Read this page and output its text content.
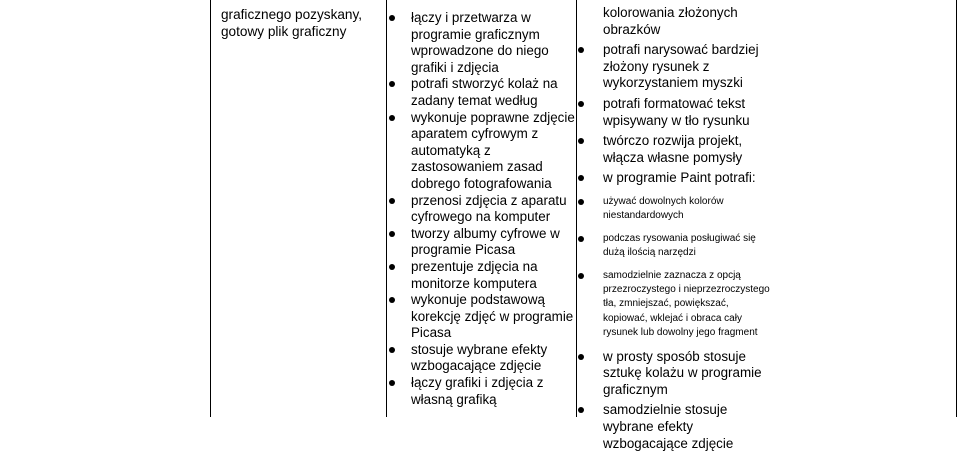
graficznego pozyskany, gotowy plik graficzny
łączy i przetwarza w programie graficznym wprowadzone do niego grafiki i zdjęcia
potrafi stworzyć kolaż na zadany temat według
wykonuje poprawne zdjęcie aparatem cyfrowym z automatyką z zastosowaniem zasad dobrego fotografowania
przenosi zdjęcia z aparatu cyfrowego na komputer
tworzy albumy cyfrowe w programie Picasa
prezentuje zdjęcia na monitorze komputera
wykonuje podstawową korekcję zdjęć w programie Picasa
stosuje wybrane efekty wzbogacające zdjęcie
łączy grafiki i zdjęcia z własną grafiką
kolorowania złożonych obrazków
potrafi narysować bardziej złożony rysunek z wykorzystaniem myszki
potrafi formatować tekst wpisywany w tło rysunku
twórczo rozwija projekt, włącza własne pomysły
w programie Paint potrafi:
używać dowolnych kolorów niestandardowych
podczas rysowania posługiwać się dużą ilością narzędzi
samodzielnie zaznacza z opcją przezroczystego i nieprzezroczystego tła, zmniejszać, powiększać, kopiować, wklejać i obraca cały rysunek lub dowolny jego fragment
w prosty sposób stosuje sztukę kolażu w programie graficznym
samodzielnie stosuje wybrane efekty wzbogacające zdjęcie
